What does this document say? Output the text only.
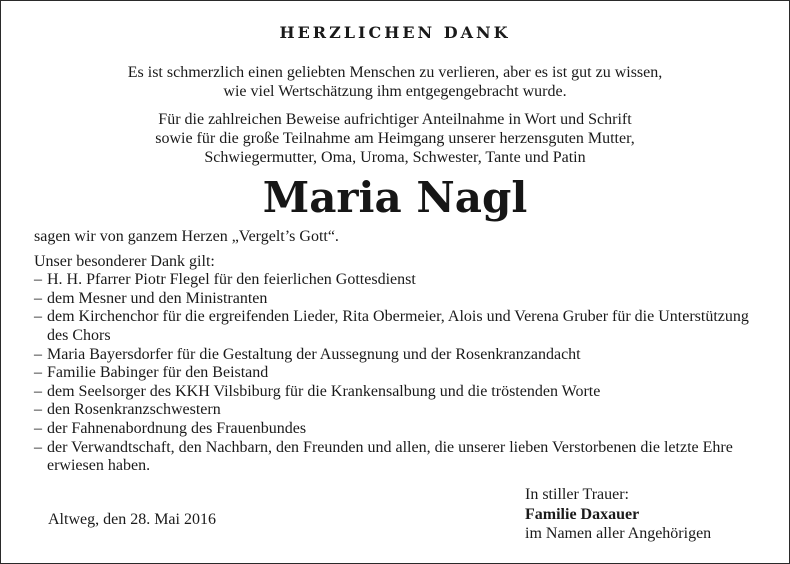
HERZLICHEN DANK

Es ist schmerzlich einen geliebten Menschen zu verlieren, aber es ist gut zu wissen,
wie viel Wertschätzung ihm entgegengebracht wurde.

Für die zahlreichen Beweise aufrichtiger Anteilnahme in Wort und Schrift
sowie für die große Teilnahme am Heimgang unserer herzensguten Mutter,
Schwiegermutter, Oma, Uroma, Schwester, Tante und Patin

Maria Nagl

sagen wir von ganzem Herzen „Vergelt’s Gott“.

Unser besonderer Dank gilt:

– H. H. Pfarrer Piotr Flegel für den feierlichen Gottesdienst
– dem Mesner und den Ministranten
– dem Kirchenchor für die ergreifenden Lieder, Rita Obermeier, Alois und Verena Gruber für die Unterstützung des Chors
– Maria Bayersdorfer für die Gestaltung der Aussegnung und der Rosenkranzandacht
– Familie Babinger für den Beistand
– dem Seelsorger des KKH Vilsbiburg für die Krankensalbung und die tröstenden Worte
– den Rosenkranzschwestern
– der Fahnenabordnung des Frauenbundes
– der Verwandtschaft, den Nachbarn, den Freunden und allen, die unserer lieben Verstorbenen die letzte Ehre erwiesen haben.
Altweg, den 28. Mai 2016
In stiller Trauer:
Familie Daxauer
im Namen aller Angehörigen
